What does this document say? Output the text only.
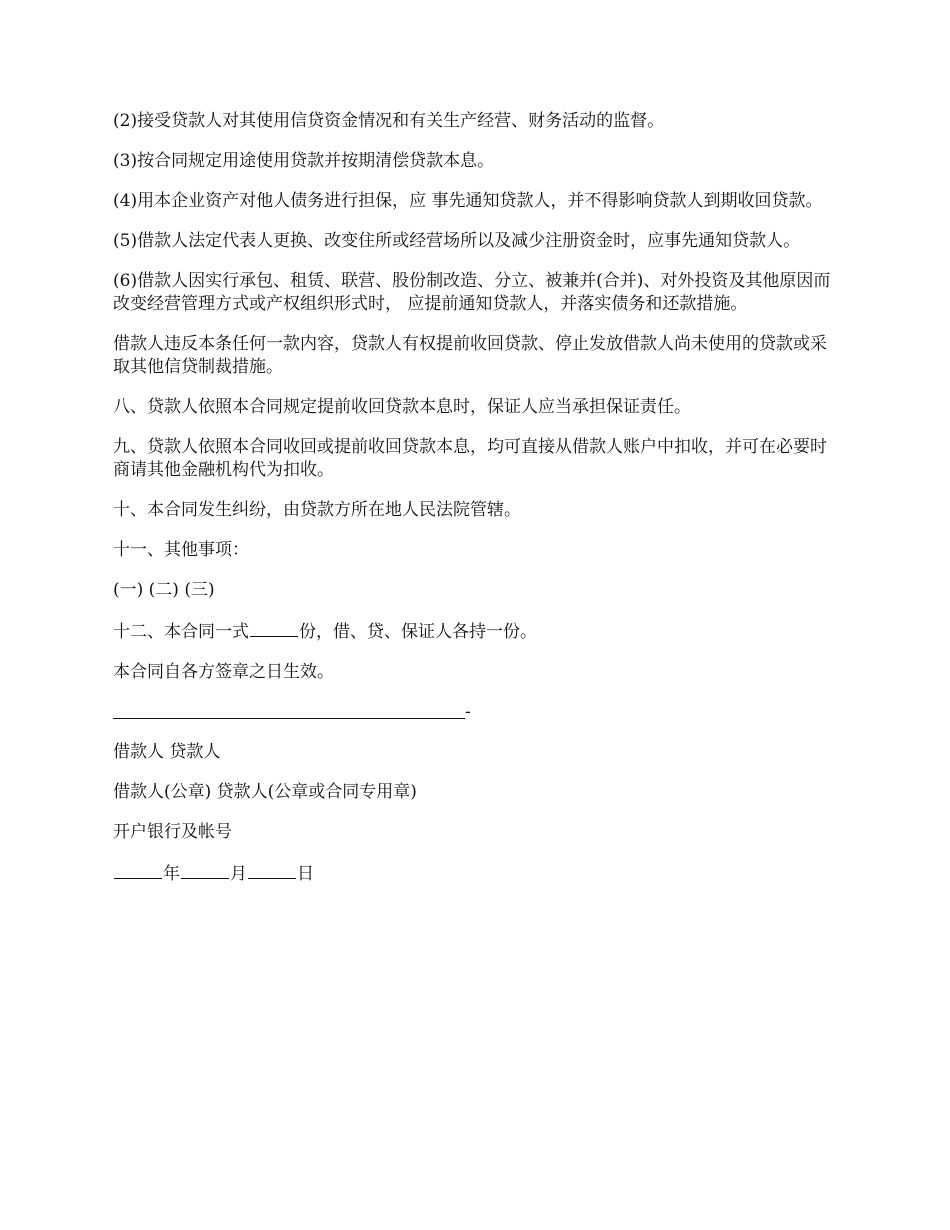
(2)接受贷款人对其使用信贷资金情况和有关生产经营、财务活动的监督。

(3)按合同规定用途使用贷款并按期清偿贷款本息。

(4)用本企业资产对他人债务进行担保，应 事先通知贷款人，并不得影响贷款人到期收回贷款。

(5)借款人法定代表人更换、改变住所或经营场所以及减少注册资金时，应事先通知贷款人。

(6)借款人因实行承包、租赁、联营、股份制改造、分立、被兼并(合并)、对外投资及其他原因而改变经营管理方式或产权组织形式时， 应提前通知贷款人，并落实债务和还款措施。

借款人违反本条任何一款内容，贷款人有权提前收回贷款、停止发放借款人尚未使用的贷款或采取其他信贷制裁措施。

八、贷款人依照本合同规定提前收回贷款本息时，保证人应当承担保证责任。

九、贷款人依照本合同收回或提前收回贷款本息，均可直接从借款人账户中扣收，并可在必要时商请其他金融机构代为扣收。

十、本合同发生纠纷，由贷款方所在地人民法院管辖。

十一、其他事项：

(一) (二) (三)

十二、本合同一式	份，借、贷、保证人各持一份。

本合同自各方签章之日生效。

-

借款人 贷款人

借款人(公章) 贷款人(公章或合同专用章)

开户银行及帐号

年	月	日
